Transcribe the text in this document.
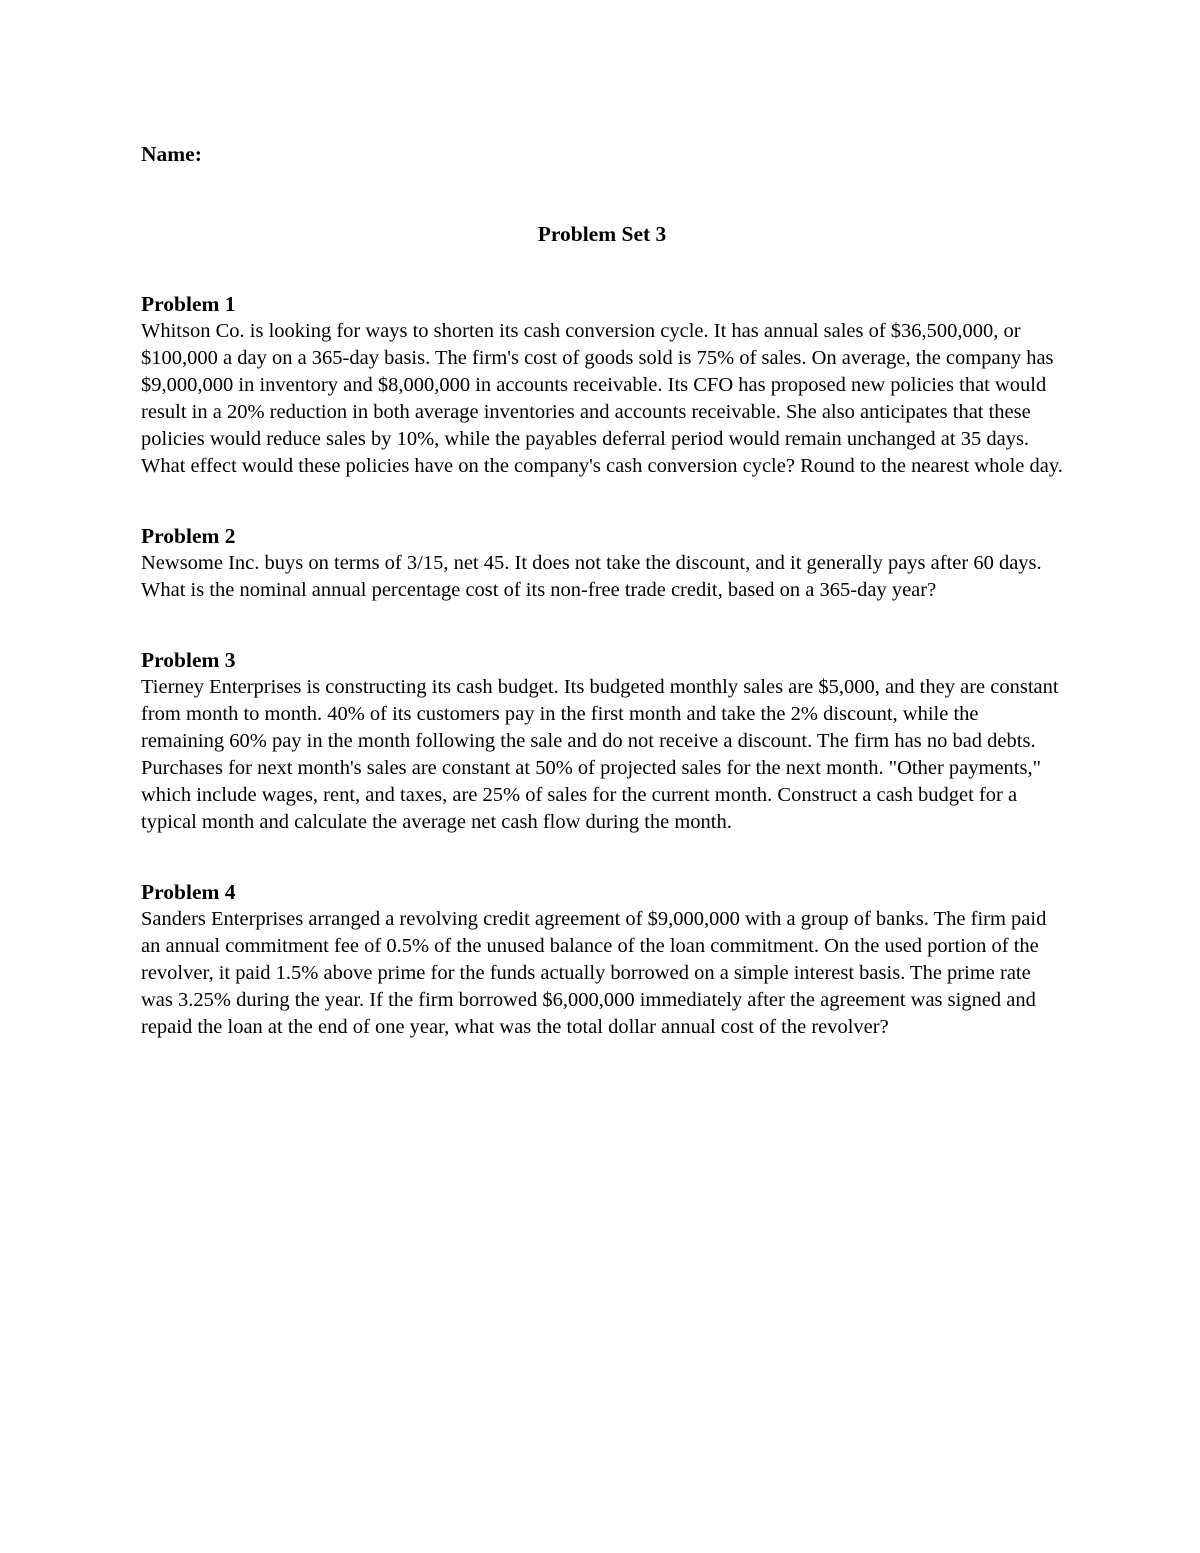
Name:

Problem Set 3
Problem 1

Whitson Co. is looking for ways to shorten its cash conversion cycle. It has annual sales of $36,500,000, or $100,000 a day on a 365-day basis. The firm's cost of goods sold is 75% of sales. On average, the company has $9,000,000 in inventory and $8,000,000 in accounts receivable. Its CFO has proposed new policies that would result in a 20% reduction in both average inventories and accounts receivable. She also anticipates that these policies would reduce sales by 10%, while the payables deferral period would remain unchanged at 35 days. What effect would these policies have on the company's cash conversion cycle? Round to the nearest whole day.

Problem 2

Newsome Inc. buys on terms of 3/15, net 45. It does not take the discount, and it generally pays after 60 days. What is the nominal annual percentage cost of its non-free trade credit, based on a 365-day year?

Problem 3

Tierney Enterprises is constructing its cash budget. Its budgeted monthly sales are $5,000, and they are constant from month to month. 40% of its customers pay in the first month and take the 2% discount, while the remaining 60% pay in the month following the sale and do not receive a discount. The firm has no bad debts. Purchases for next month's sales are constant at 50% of projected sales for the next month. "Other payments," which include wages, rent, and taxes, are 25% of sales for the current month. Construct a cash budget for a typical month and calculate the average net cash flow during the month.

Problem 4

Sanders Enterprises arranged a revolving credit agreement of $9,000,000 with a group of banks. The firm paid an annual commitment fee of 0.5% of the unused balance of the loan commitment. On the used portion of the revolver, it paid 1.5% above prime for the funds actually borrowed on a simple interest basis. The prime rate was 3.25% during the year. If the firm borrowed $6,000,000 immediately after the agreement was signed and repaid the loan at the end of one year, what was the total dollar annual cost of the revolver?
